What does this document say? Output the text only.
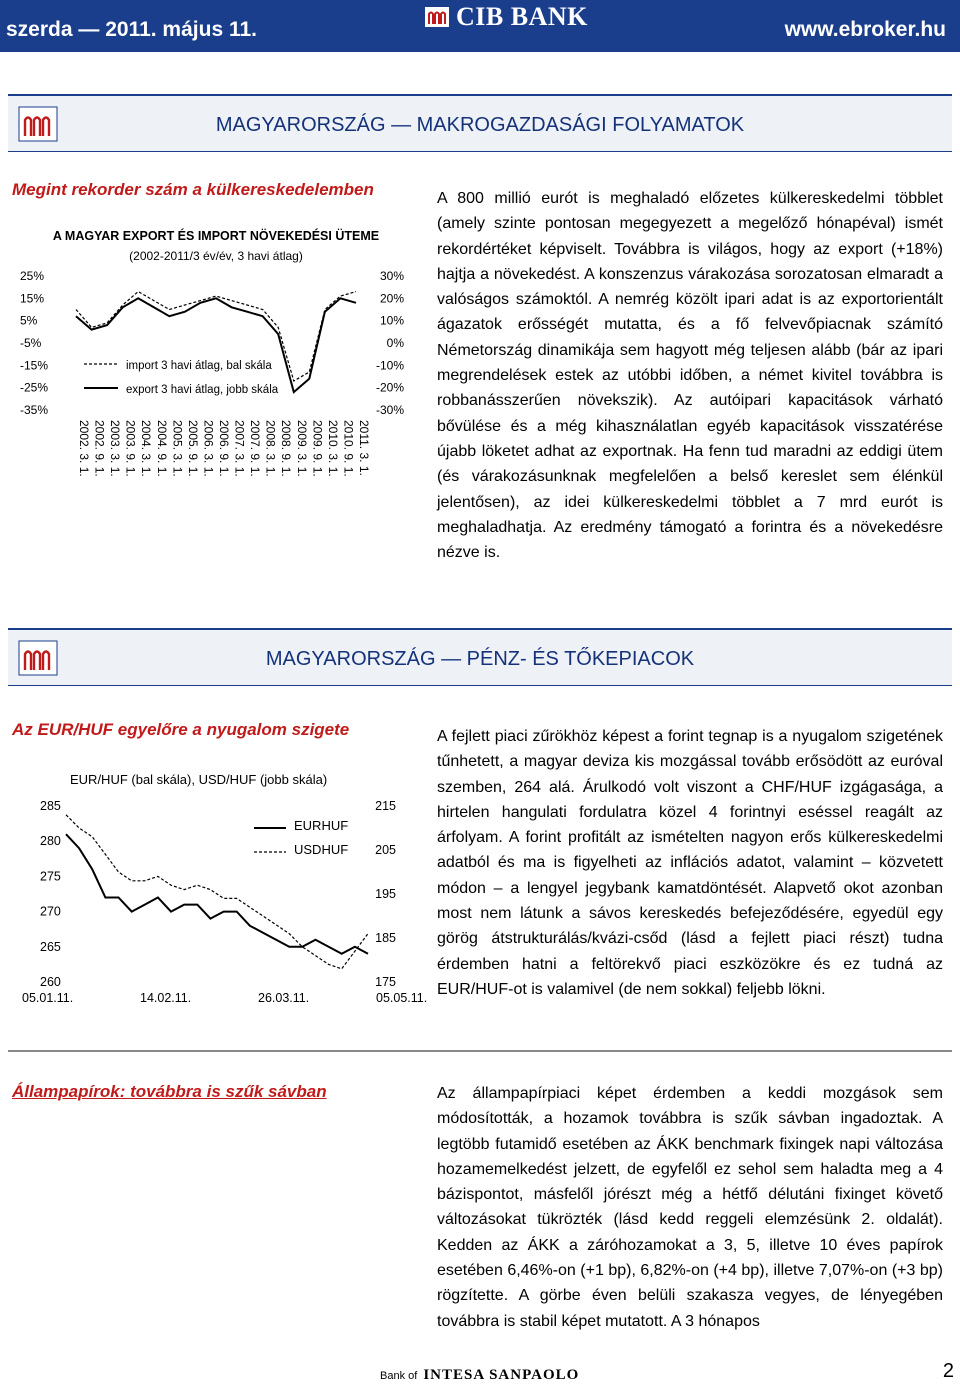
szerda — 2011. május 11.	CIB BANK	www.ebroker.hu
MAGYARORSZÁG — MAKROGAZDASÁGI FOLYAMATOK
Megint rekorder szám a külkereskedelemben
A MAGYAR EXPORT ÉS IMPORT NÖVEKEDÉSI ÜTEME
(2002-2011/3 év/év, 3 havi átlag)
25%
15%
5%
-5%
-15%
-25%
-35%
30%
20%
10%
0%
-10%
-20%
-30%
2002. 3. 1. 2002. 9. 1. 2003. 3. 1. 2003. 9. 1. 2004. 3. 1. 2004. 9. 1. 2005. 3. 1. 2005. 9. 1. 2006. 3. 1. 2006. 9. 1. 2007. 3. 1. 2007. 9. 1. 2008. 3. 1. 2008. 9. 1. 2009. 3. 1. 2009. 9. 1. 2010. 3. 1. 2010. 9. 1. 2011. 3. 1.
import 3 havi átlag, bal skála
export 3 havi átlag, jobb skála
A 800 millió eurót is meghaladó előzetes külkereskedelmi többlet (amely szinte pontosan megegyezett a megelőző hónapéval) ismét rekordértéket képviselt. Továbbra is világos, hogy az export (+18%) hajtja a növekedést. A konszenzus várakozása sorozatosan elmaradt a valóságos számoktól. A nemrég közölt ipari adat is az exportorientált ágazatok erősségét mutatta, és a fő felvevőpiacnak számító Németország dinamikája sem hagyott még teljesen alább (bár az ipari megrendelések estek az utóbbi időben, a német kivitel továbbra is robbanásszerűen növekszik). Az autóipari kapacitások várható bővülése és a még kihasználatlan egyéb kapacitások visszatérése újabb löketet adhat az exportnak. Ha fenn tud maradni az eddigi ütem (és várakozásunknak megfelelően a belső kereslet sem élénkül jelentősen), az idei külkereskedelmi többlet a 7 mrd eurót is meghaladhatja. Az eredmény támogató a forintra és a növekedésre nézve is.
MAGYARORSZÁG — PÉNZ- ÉS TŐKEPIACOK
Az EUR/HUF egyelőre a nyugalom szigete
EUR/HUF (bal skála), USD/HUF (jobb skála)
285
280
275
270
265
260
215
205
195
185
175
05.01.11.	14.02.11.	26.03.11.	05.05.11.
EURHUF
USDHUF
A fejlett piaci zűrökhöz képest a forint tegnap is a nyugalom szigetének tűnhetett, a magyar deviza kis mozgással tovább erősödött az euróval szemben, 264 alá. Árulkodó volt viszont a CHF/HUF izgágasága, a hirtelen hangulati fordulatra közel 4 forintnyi eséssel reagált az árfolyam. A forint profitált az ismételten nagyon erős külkereskedelmi adatból és ma is figyelheti az inflációs adatot, valamint – közvetett módon – a lengyel jegybank kamatdöntését. Alapvető okot azonban most nem látunk a sávos kereskedés befejeződésére, egyedül egy görög átstrukturálás/kvázi-csőd (lásd a fejlett piaci részt) tudna érdemben hatni a feltörekvő piaci eszközökre és ez tudná az EUR/HUF-ot is valamivel (de nem sokkal) feljebb lökni.
Állampapírok: továbbra is szűk sávban	Az állampapírpiaci képet érdemben a keddi mozgások sem módosították, a hozamok továbbra is szűk sávban ingadoztak. A legtöbb futamidő esetében az ÁKK benchmark fixingek napi változása hozamemelkedést jelzett, de egyfelől ez sehol sem haladta meg a 4 bázispontot, másfelől jórészt még a hétfő délutáni fixinget követő változásokat tükrözték (lásd kedd reggeli elemzésünk 2. oldalát). Kedden az ÁKK a záróhozamokat a 3, 5, illetve 10 éves papírok esetében 6,46%-on (+1 bp), 6,82%-on (+4 bp), illetve 7,07%-on (+3 bp) rögzítette. A görbe éven belüli szakasza vegyes, de lényegében továbbra is stabil képet mutatott. A 3 hónapos
Bank of INTESA SANPAOLO	2
